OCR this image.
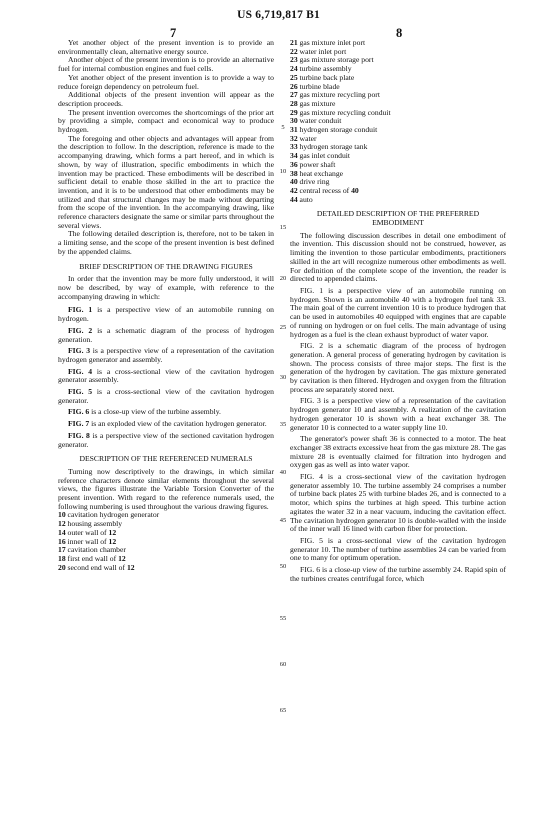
US 6,719,817 B1
7	8

Yet another object of the present invention is to provide an environmentally clean, alternative energy source.

Another object of the present invention is to provide an alternative fuel for internal combustion engines and fuel cells.

Yet another object of the present invention is to provide a way to reduce foreign dependency on petroleum fuel.

Additional objects of the present invention will appear as the description proceeds.

The present invention overcomes the shortcomings of the prior art by providing a simple, compact and economical way to produce hydrogen.

The foregoing and other objects and advantages will appear from the description to follow. In the description, reference is made to the accompanying drawing, which forms a part hereof, and in which is shown, by way of illustration, specific embodiments in which the invention may be practiced. These embodiments will be described in sufficient detail to enable those skilled in the art to practice the invention, and it is to be understood that other embodiments may be utilized and that structural changes may be made without departing from the scope of the invention. In the accompanying drawing, like reference characters designate the same or similar parts throughout the several views.

The following detailed description is, therefore, not to be taken in a limiting sense, and the scope of the present invention is best defined by the appended claims.

BRIEF DESCRIPTION OF THE DRAWING FIGURES

In order that the invention may be more fully understood, it will now be described, by way of example, with reference to the accompanying drawing in which:

FIG. 1 is a perspective view of an automobile running on hydrogen.

FIG. 2 is a schematic diagram of the process of hydrogen generation.

FIG. 3 is a perspective view of a representation of the cavitation hydrogen generator and assembly.

FIG. 4 is a cross-sectional view of the cavitation hydrogen generator assembly.

FIG. 5 is a cross-sectional view of the cavitation hydrogen generator.

FIG. 6 is a close-up view of the turbine assembly.

FIG. 7 is an exploded view of the cavitation hydrogen generator.

FIG. 8 is a perspective view of the sectioned cavitation hydrogen generator.

DESCRIPTION OF THE REFERENCED NUMERALS

Turning now descriptively to the drawings, in which similar reference characters denote similar elements throughout the several views, the figures illustrate the Variable Torsion Converter of the present invention. With regard to the reference numerals used, the following numbering is used throughout the various drawing figures.

10 cavitation hydrogen generator

12 housing assembly

14 outer wall of 12

16 inner wall of 12

17 cavitation chamber

18 first end wall of 12

20 second end wall of 12

5
10
15
20
25
30
35
40
45
50
55
60
65

21 gas mixture inlet port

22 water inlet port

23 gas mixture storage port

24 turbine assembly

25 turbine back plate

26 turbine blade

27 gas mixture recycling port

28 gas mixture

29 gas mixture recycling conduit

30 water conduit

31 hydrogen storage conduit

32 water

33 hydrogen storage tank

34 gas inlet conduit

36 power shaft

38 heat exchange

40 drive ring

42 central recess of 40

44 auto

DETAILED DESCRIPTION OF THE PREFERRED EMBODIMENT

The following discussion describes in detail one embodiment of the invention. This discussion should not be construed, however, as limiting the invention to those particular embodiments, practitioners skilled in the art will recognize numerous other embodiments as well. For definition of the complete scope of the invention, the reader is directed to appended claims.

FIG. 1 is a perspective view of an automobile running on hydrogen. Shown is an automobile 40 with a hydrogen fuel tank 33. The main goal of the current invention 10 is to produce hydrogen that can be used in automobiles 40 equipped with engines that are capable of running on hydrogen or on fuel cells. The main advantage of using hydrogen as a fuel is the clean exhaust byproduct of water vapor.

FIG. 2 is a schematic diagram of the process of hydrogen generation. A general process of generating hydrogen by cavitation is shown. The process consists of three major steps. The first is the generation of the hydrogen by cavitation. The gas mixture generated by cavitation is then filtered. Hydrogen and oxygen from the filtration process are separately stored next.

FIG. 3 is a perspective view of a representation of the cavitation hydrogen generator 10 and assembly. A realization of the cavitation hydrogen generator 10 is shown with a heat exchanger 38. The generator 10 is connected to a water supply line 10.

The generator's power shaft 36 is connected to a motor. The heat exchanger 38 extracts excessive heat from the gas mixture 28. The gas mixture 28 is eventually claimed for filtration into hydrogen and oxygen gas as well as into water vapor.

FIG. 4 is a cross-sectional view of the cavitation hydrogen generator assembly 10. The turbine assembly 24 comprises a number of turbine back plates 25 with turbine blades 26, and is connected to a motor, which spins the turbines at high speed. This turbine action agitates the water 32 in a near vacuum, inducing the cavitation effect. The cavitation hydrogen generator 10 is double-walled with the inside of the inner wall 16 lined with carbon fiber for protection.

FIG. 5 is a cross-sectional view of the cavitation hydrogen generator 10. The number of turbine assemblies 24 can be varied from one to many for optimum operation.

FIG. 6 is a close-up view of the turbine assembly 24. Rapid spin of the turbines creates centrifugal force, which
